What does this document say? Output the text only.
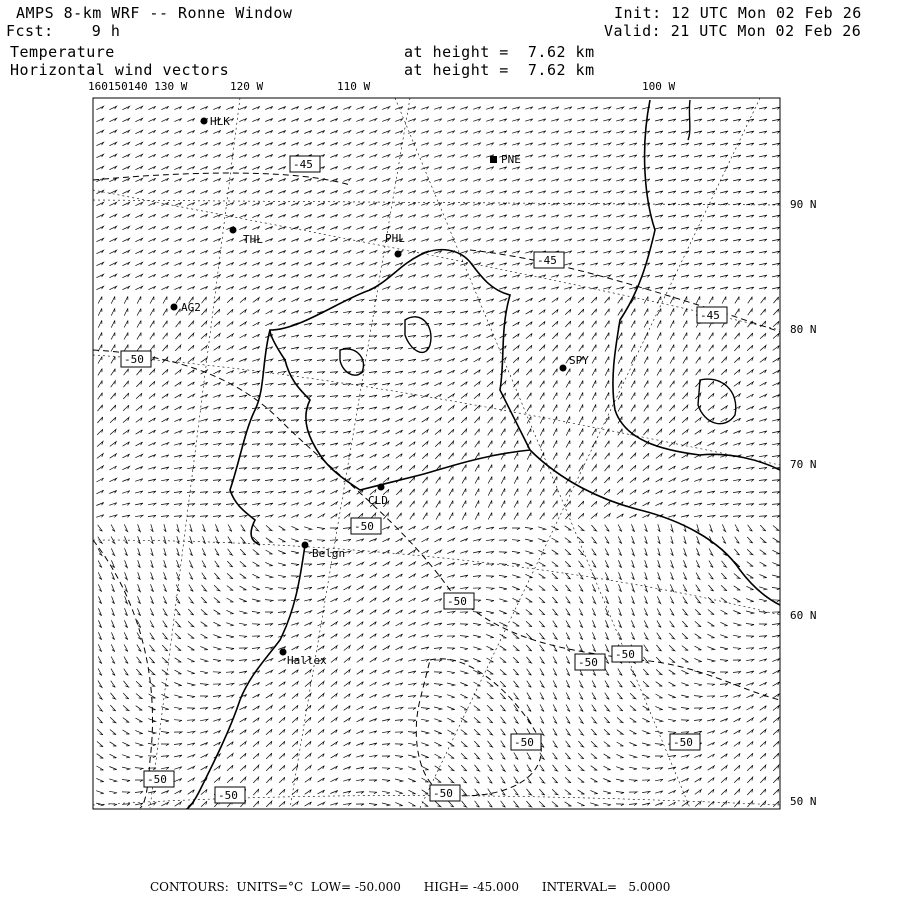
AMPS 8-km WRF -- Ronne Window
Fcst:    9 h
Init: 12 UTC Mon 02 Feb 26
Valid: 21 UTC Mon 02 Feb 26
Temperature
Horizontal wind vectors
at height =  7.62 km
at height =  7.62 km
160150140 130 W	120 W	110 W	100 W
90 N
80 N
70 N
60 N
50 N
HLK
PNE
THL	PHL
AG2
SPY
CLD
Belgn
Hallex
-45
-45
-45
-50
-50
-50
-50
-50
-50	-50
-50
-50	-50
CONTOURS:  UNITS=°C  LOW= -50.000      HIGH= -45.000      INTERVAL=   5.0000
